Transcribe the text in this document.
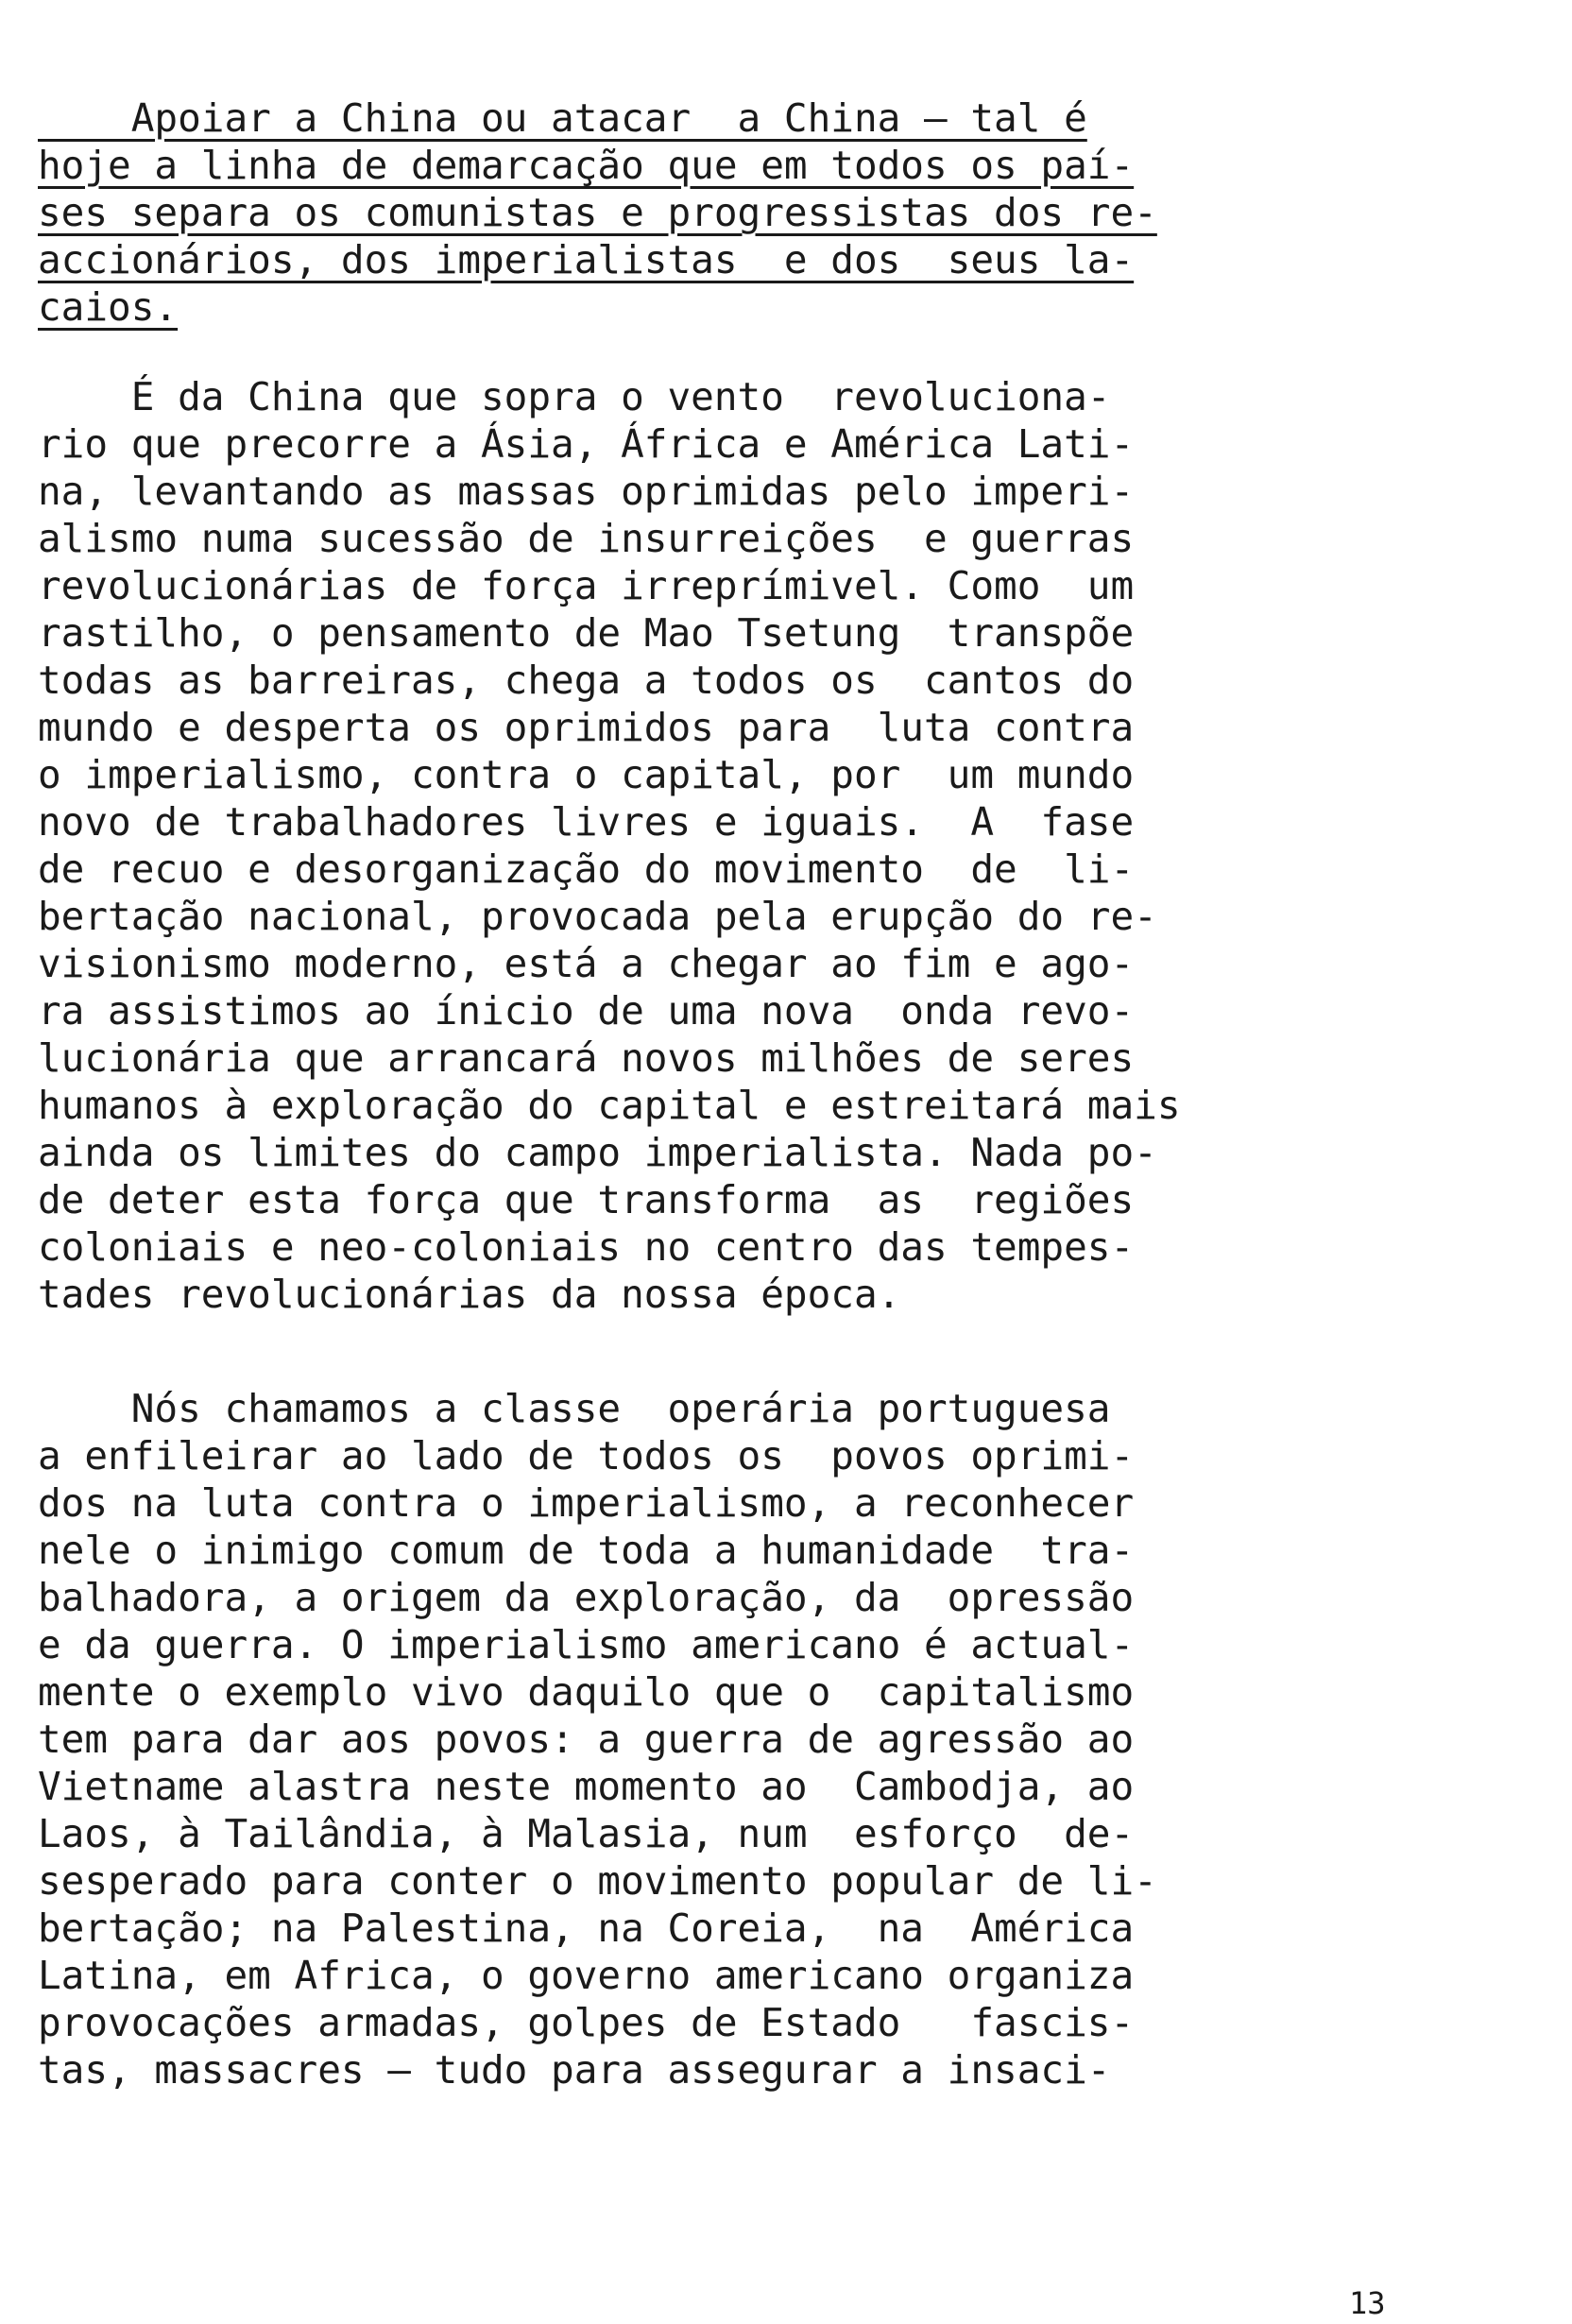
Apoiar a China ou atacar  a China — tal é
hoje a linha de demarcação que em todos os paí-
ses separa os comunistas e progressistas dos re-
accionários, dos imperialistas  e dos  seus la-
caios.
É da China que sopra o vento  revoluciona-
rio que precorre a Ásia, África e América Lati-
na, levantando as massas oprimidas pelo imperi-
alismo numa sucessão de insurreições  e guerras
revolucionárias de força irreprímivel. Como  um
rastilho, o pensamento de Mao Tsetung  transpõe
todas as barreiras, chega a todos os  cantos do
mundo e desperta os oprimidos para  luta contra
o imperialismo, contra o capital, por  um mundo
novo de trabalhadores livres e iguais.  A  fase
de recuo e desorganização do movimento  de  li-
bertação nacional, provocada pela erupção do re-
visionismo moderno, está a chegar ao fim e ago-
ra assistimos ao ínicio de uma nova  onda revo-
lucionária que arrancará novos milhões de seres
humanos à exploração do capital e estreitará mais
ainda os limites do campo imperialista. Nada po-
de deter esta força que transforma  as  regiões
coloniais e neo-coloniais no centro das tempes-
tades revolucionárias da nossa época.
Nós chamamos a classe  operária portuguesa
a enfileirar ao lado de todos os  povos oprimi-
dos na luta contra o imperialismo, a reconhecer
nele o inimigo comum de toda a humanidade  tra-
balhadora, a origem da exploração, da  opressão
e da guerra. O imperialismo americano é actual-
mente o exemplo vivo daquilo que o  capitalismo
tem para dar aos povos: a guerra de agressão ao
Vietname alastra neste momento ao  Cambodja, ao
Laos, à Tailândia, à Malasia, num  esforço  de-
sesperado para conter o movimento popular de li-
bertação; na Palestina, na Coreia,  na  América
Latina, em Africa, o governo americano organiza
provocações armadas, golpes de Estado   fascis-
tas, massacres — tudo para assegurar a insaci-
13
